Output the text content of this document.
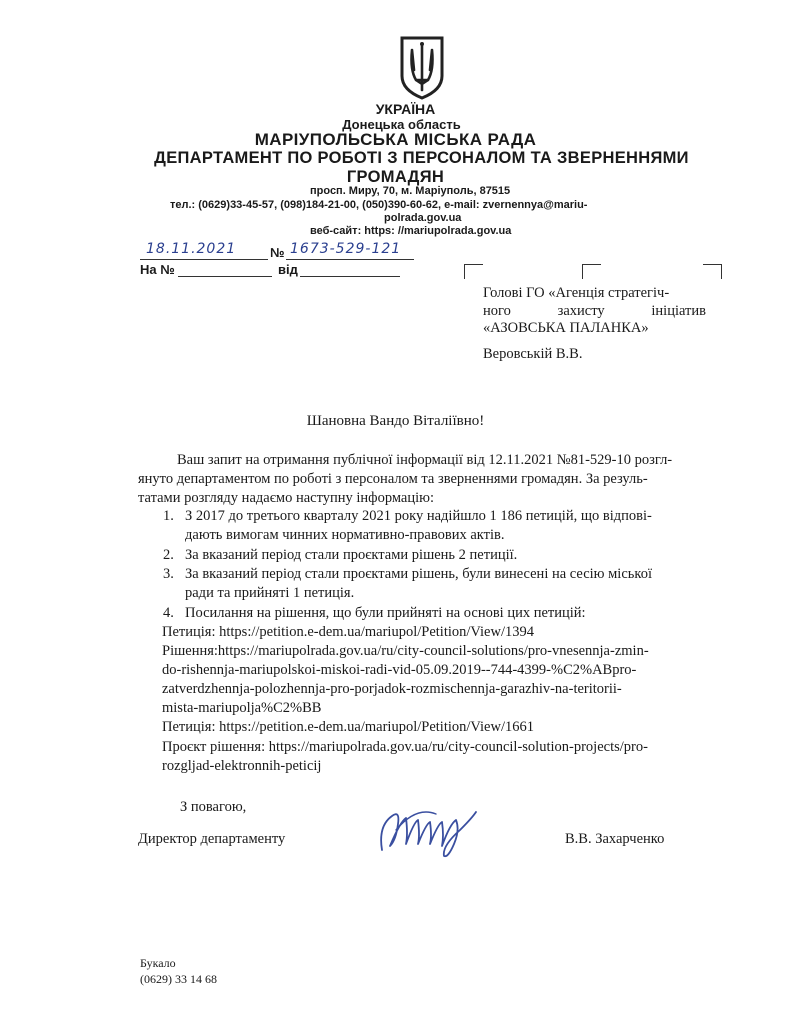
УКРАЇНА
Донецька область
МАРІУПОЛЬСЬКА МІСЬКА РАДА
ДЕПАРТАМЕНТ ПО РОБОТІ З ПЕРСОНАЛОМ ТА ЗВЕРНЕННЯМИ
ГРОМАДЯН
просп. Миру, 70, м. Маріуполь, 87515
тел.: (0629)33-45-57, (098)184-21-00, (050)390-60-62, e-mail: zvernennya@mariu-
polrada.gov.ua
веб-сайт: https: //mariupolrada.gov.ua
18.11.2021	№ 1673-529-121
На №	від
Голові ГО «Агенція стратегіч-
ного захисту ініціатив
«АЗОВСЬКА ПАЛАНКА»
Веровській В.В.
Шановна Вандо Віталіївно!
Ваш запит на отримання публічної інформації від 12.11.2021 №81-529-10 розгл-
януто департаментом по роботі з персоналом та зверненнями громадян. За резуль-
татами розгляду надаємо наступну інформацію:
1. З 2017 до третього кварталу 2021 року надійшло 1 186 петицій, що відпові-
дають вимогам чинних нормативно-правових актів.
2. За вказаний період стали проєктами рішень 2 петиції.
3. За вказаний період стали проєктами рішень, були винесені на сесію міської
ради та прийняті 1 петиція.
4. Посилання на рішення, що були прийняті на основі цих петицій:
Петиція: https://petition.e-dem.ua/mariupol/Petition/View/1394
Рішення:https://mariupolrada.gov.ua/ru/city-council-solutions/pro-vnesennja-zmin-
do-rishennja-mariupolskoi-miskoi-radi-vid-05.09.2019--744-4399-%C2%ABpro-
zatverdzhennja-polozhennja-pro-porjadok-rozmischennja-garazhiv-na-teritorii-
mista-mariupolja%C2%BB
Петиція: https://petition.e-dem.ua/mariupol/Petition/View/1661
Проєкт рішення: https://mariupolrada.gov.ua/ru/city-council-solution-projects/pro-
rozgljad-elektronnih-peticij
З повагою,
Директор департаменту	В.В. Захарченко
Букало
(0629) 33 14 68
